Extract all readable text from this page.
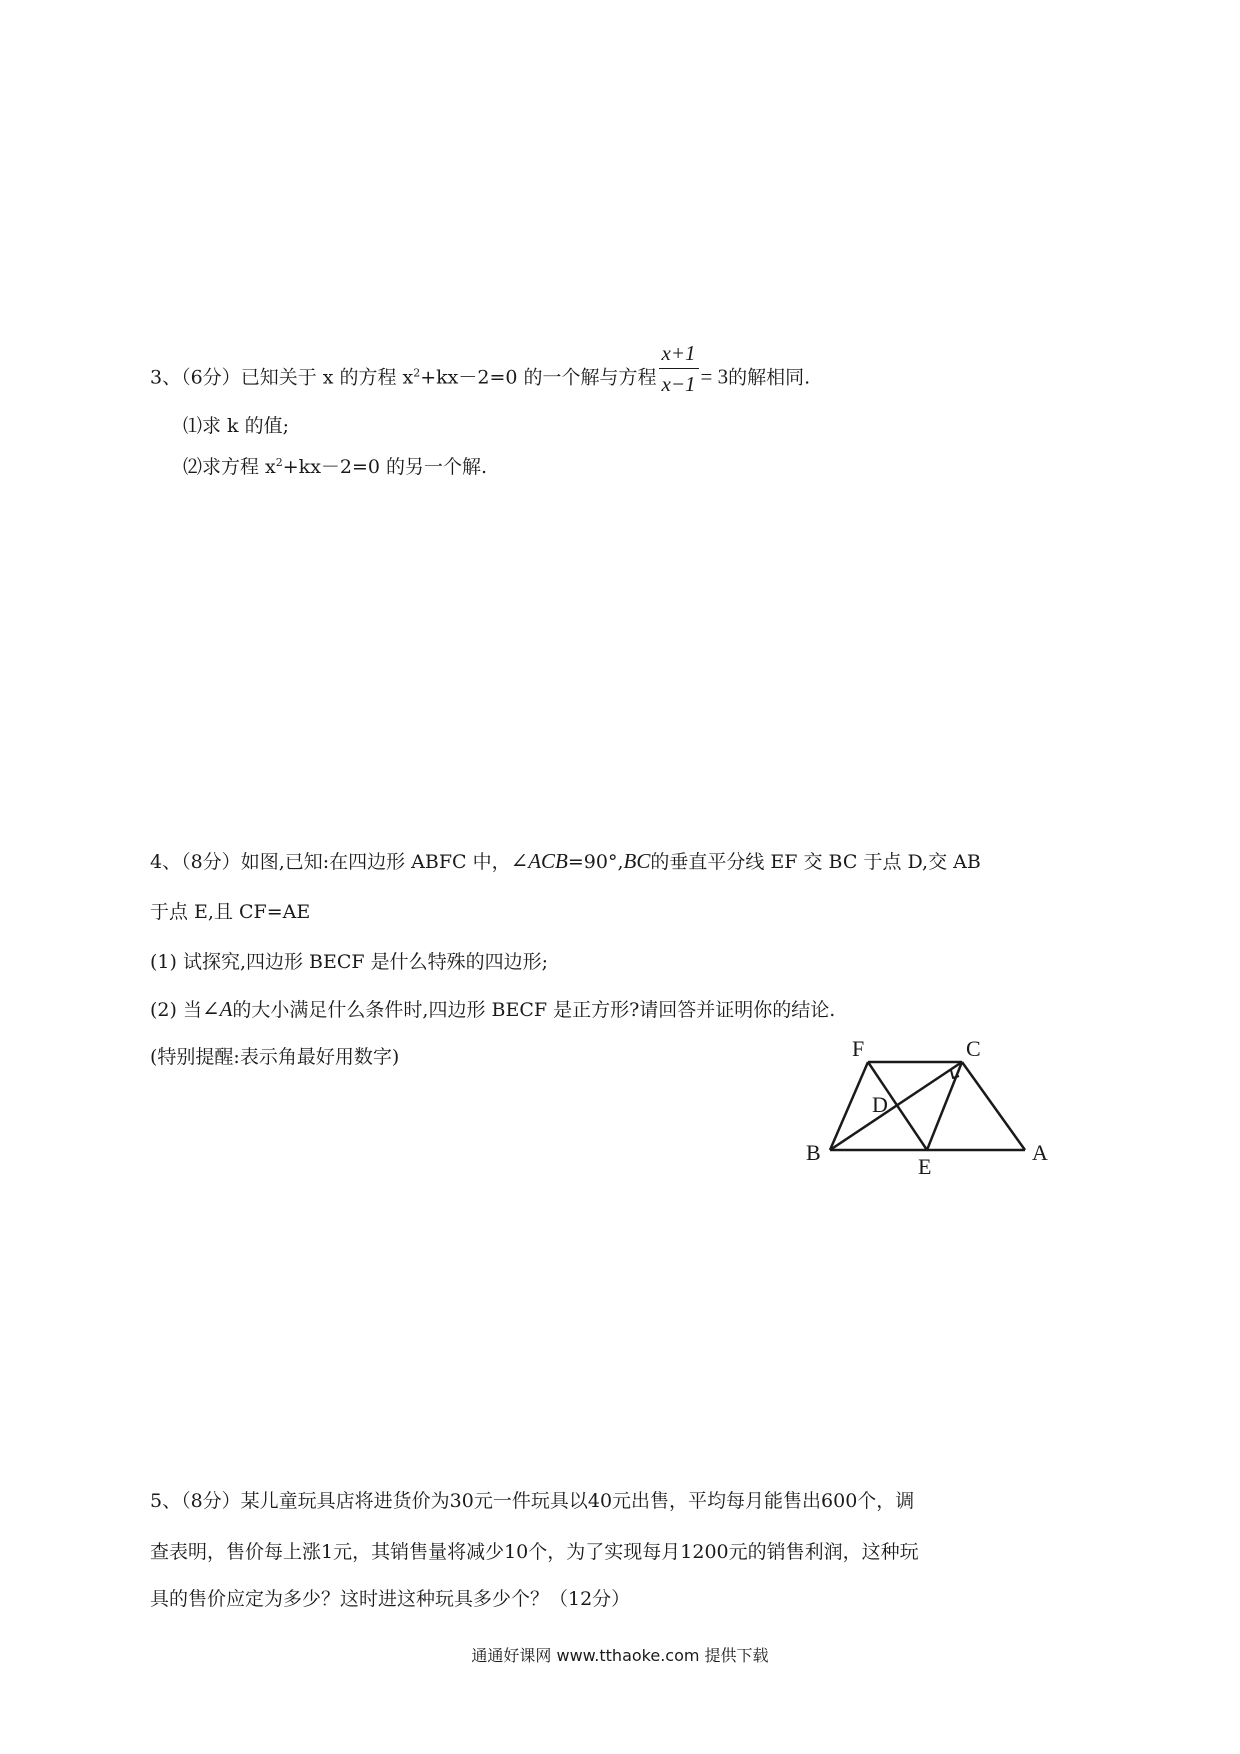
3、（6分）已知关于 x 的方程 $x^2+kx-2=0$ 的一个解与方程 $\frac{x+1}{x-1} = 3$的解相同.
⑴求 k 的值;
⑵求方程 $x^2+kx-2=0$ 的另一个解.
4、（8分）如图,已知:在四边形 ABFC 中，∠ACB=90°,BC的垂直平分线 EF 交 BC 于点 D,交 AB
于点 E,且 CF=AE
(1) 试探究,四边形 BECF 是什么特殊的四边形;
(2) 当∠A的大小满足什么条件时,四边形 BECF 是正方形?请回答并证明你的结论.
(特别提醒:表示角最好用数字)	F	C
D
B
E
A
5、（8分）某儿童玩具店将进货价为30元一件玩具以40元出售，平均每月能售出600个，调
查表明，售价每上涨1元，其销售量将减少10个，为了实现每月1200元的销售利润，这种玩
具的售价应定为多少？这时进这种玩具多少个？（12分）
通通好课网 www.tthaoke.com 提供下载
